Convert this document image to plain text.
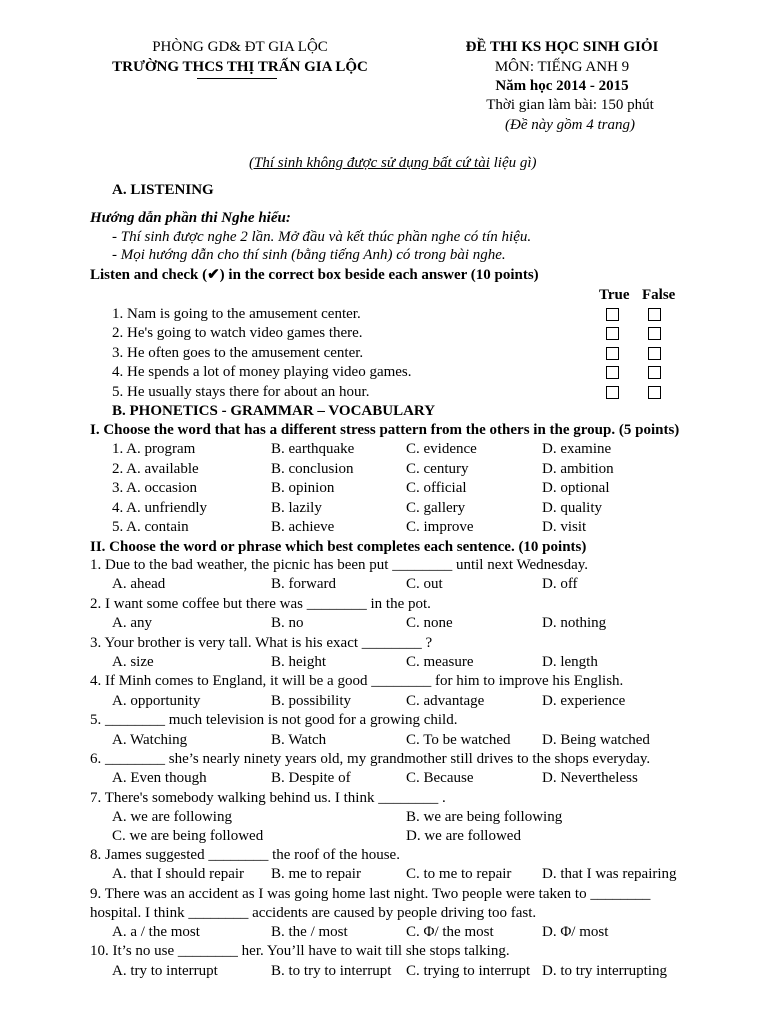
PHÒNG GD& ĐT GIA LỘC
TRƯỜNG THCS THỊ TRẤN GIA LỘC
ĐỀ THI KS HỌC SINH GIỎI
MÔN: TIẾNG ANH 9
Năm học 2014 - 2015
Thời gian làm bài: 150 phút
(Đề này gồm 4 trang)
(Thí sinh không được sử dụng bất cứ tài liệu gì)
A. LISTENING
Hướng dẫn phần thi Nghe hiểu:
- Thí sinh được nghe 2 lần. Mở đầu và kết thúc phần nghe có tín hiệu.
- Mọi hướng dẫn cho thí sinh (bằng tiếng Anh) có trong bài nghe.
Listen and check (✔) in the correct box beside each answer (10 points)
True False
1. Nam is going to the amusement center.
2. He's going to watch video games there.
3. He often goes to the amusement center.
4. He spends a lot of money playing video games.
5. He usually stays there for about an hour.
B. PHONETICS - GRAMMAR – VOCABULARY
I. Choose the word that has a different stress pattern from the others in the group. (5 points)
1. A. program	B. earthquake	C. evidence	D. examine
2. A. available	B. conclusion	C. century	D. ambition
3. A. occasion	B. opinion	C. official	D. optional
4. A. unfriendly	B. lazily	C. gallery	D. quality
5. A. contain	B. achieve	C. improve	D. visit
II. Choose the word or phrase which best completes each sentence. (10 points)
1. Due to the bad weather, the picnic has been put ________ until next Wednesday.
A. ahead	B. forward	C. out	D. off
2. I want some coffee but there was ________ in the pot.
A. any	B. no	C. none	D. nothing
3. Your brother is very tall. What is his exact ________ ?
A. size	B. height	C. measure	D. length
4. If Minh comes to England, it will be a good ________ for him to improve his English.
A. opportunity	B. possibility	C. advantage	D. experience
5. ________ much television is not good for a growing child.
A. Watching	B. Watch	C. To be watched D. Being watched
6. ________ she’s nearly ninety years old, my grandmother still drives to the shops everyday.
A. Even though	B. Despite of	C. Because	D. Nevertheless
7. There's somebody walking behind us. I think ________ .
A. we are following	B. we are being following
C. we are being followed	D. we are followed
8. James suggested ________ the roof of the house.
A. that I should repair B. me to repair	C. to me to repair D. that I was repairing
9. There was an accident as I was going home last night. Two people were taken to ________
hospital. I think ________ accidents are caused by people driving too fast.
A. a / the most	B. the / most	C. Φ/ the most	D. Φ/ most
10. It’s no use ________ her. You’ll have to wait till she stops talking.
A. try to interrupt	B. to try to interrupt C. trying to interrupt D. to try interrupting
